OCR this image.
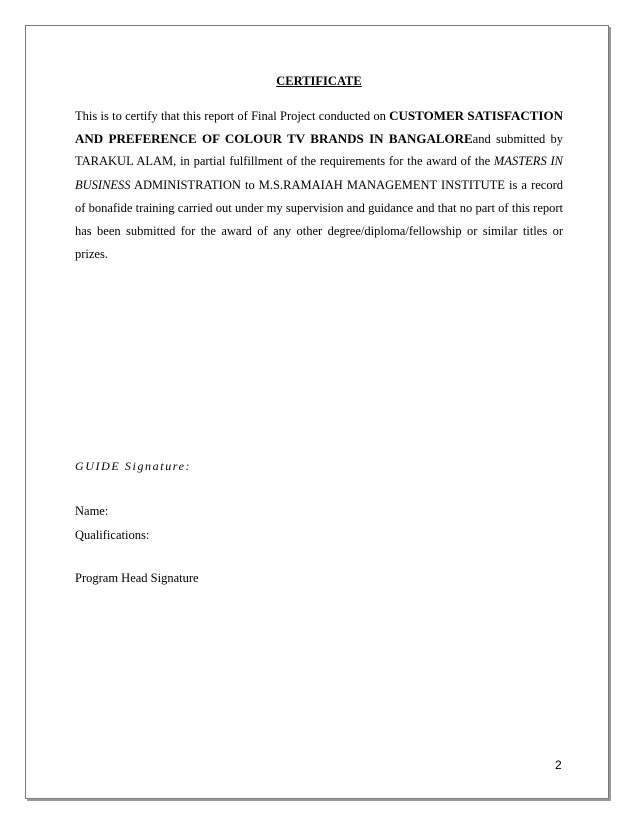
CERTIFICATE
This is to certify that this report of Final Project conducted on CUSTOMER SATISFACTION
AND PREFERENCE OF COLOUR TV BRANDS IN BANGALOREand submitted by
TARAKUL ALAM, in partial fulfillment of the requirements for the award of the MASTERS IN
BUSINESS ADMINISTRATION to M.S.RAMAIAH MANAGEMENT INSTITUTE is a record
of bonafide training carried out under my supervision and guidance and that no part of this report
has been submitted for the award of any other degree/diploma/fellowship or similar titles or
prizes.
GUIDE Signature:
Name:
Qualifications:
Program Head Signature
2
